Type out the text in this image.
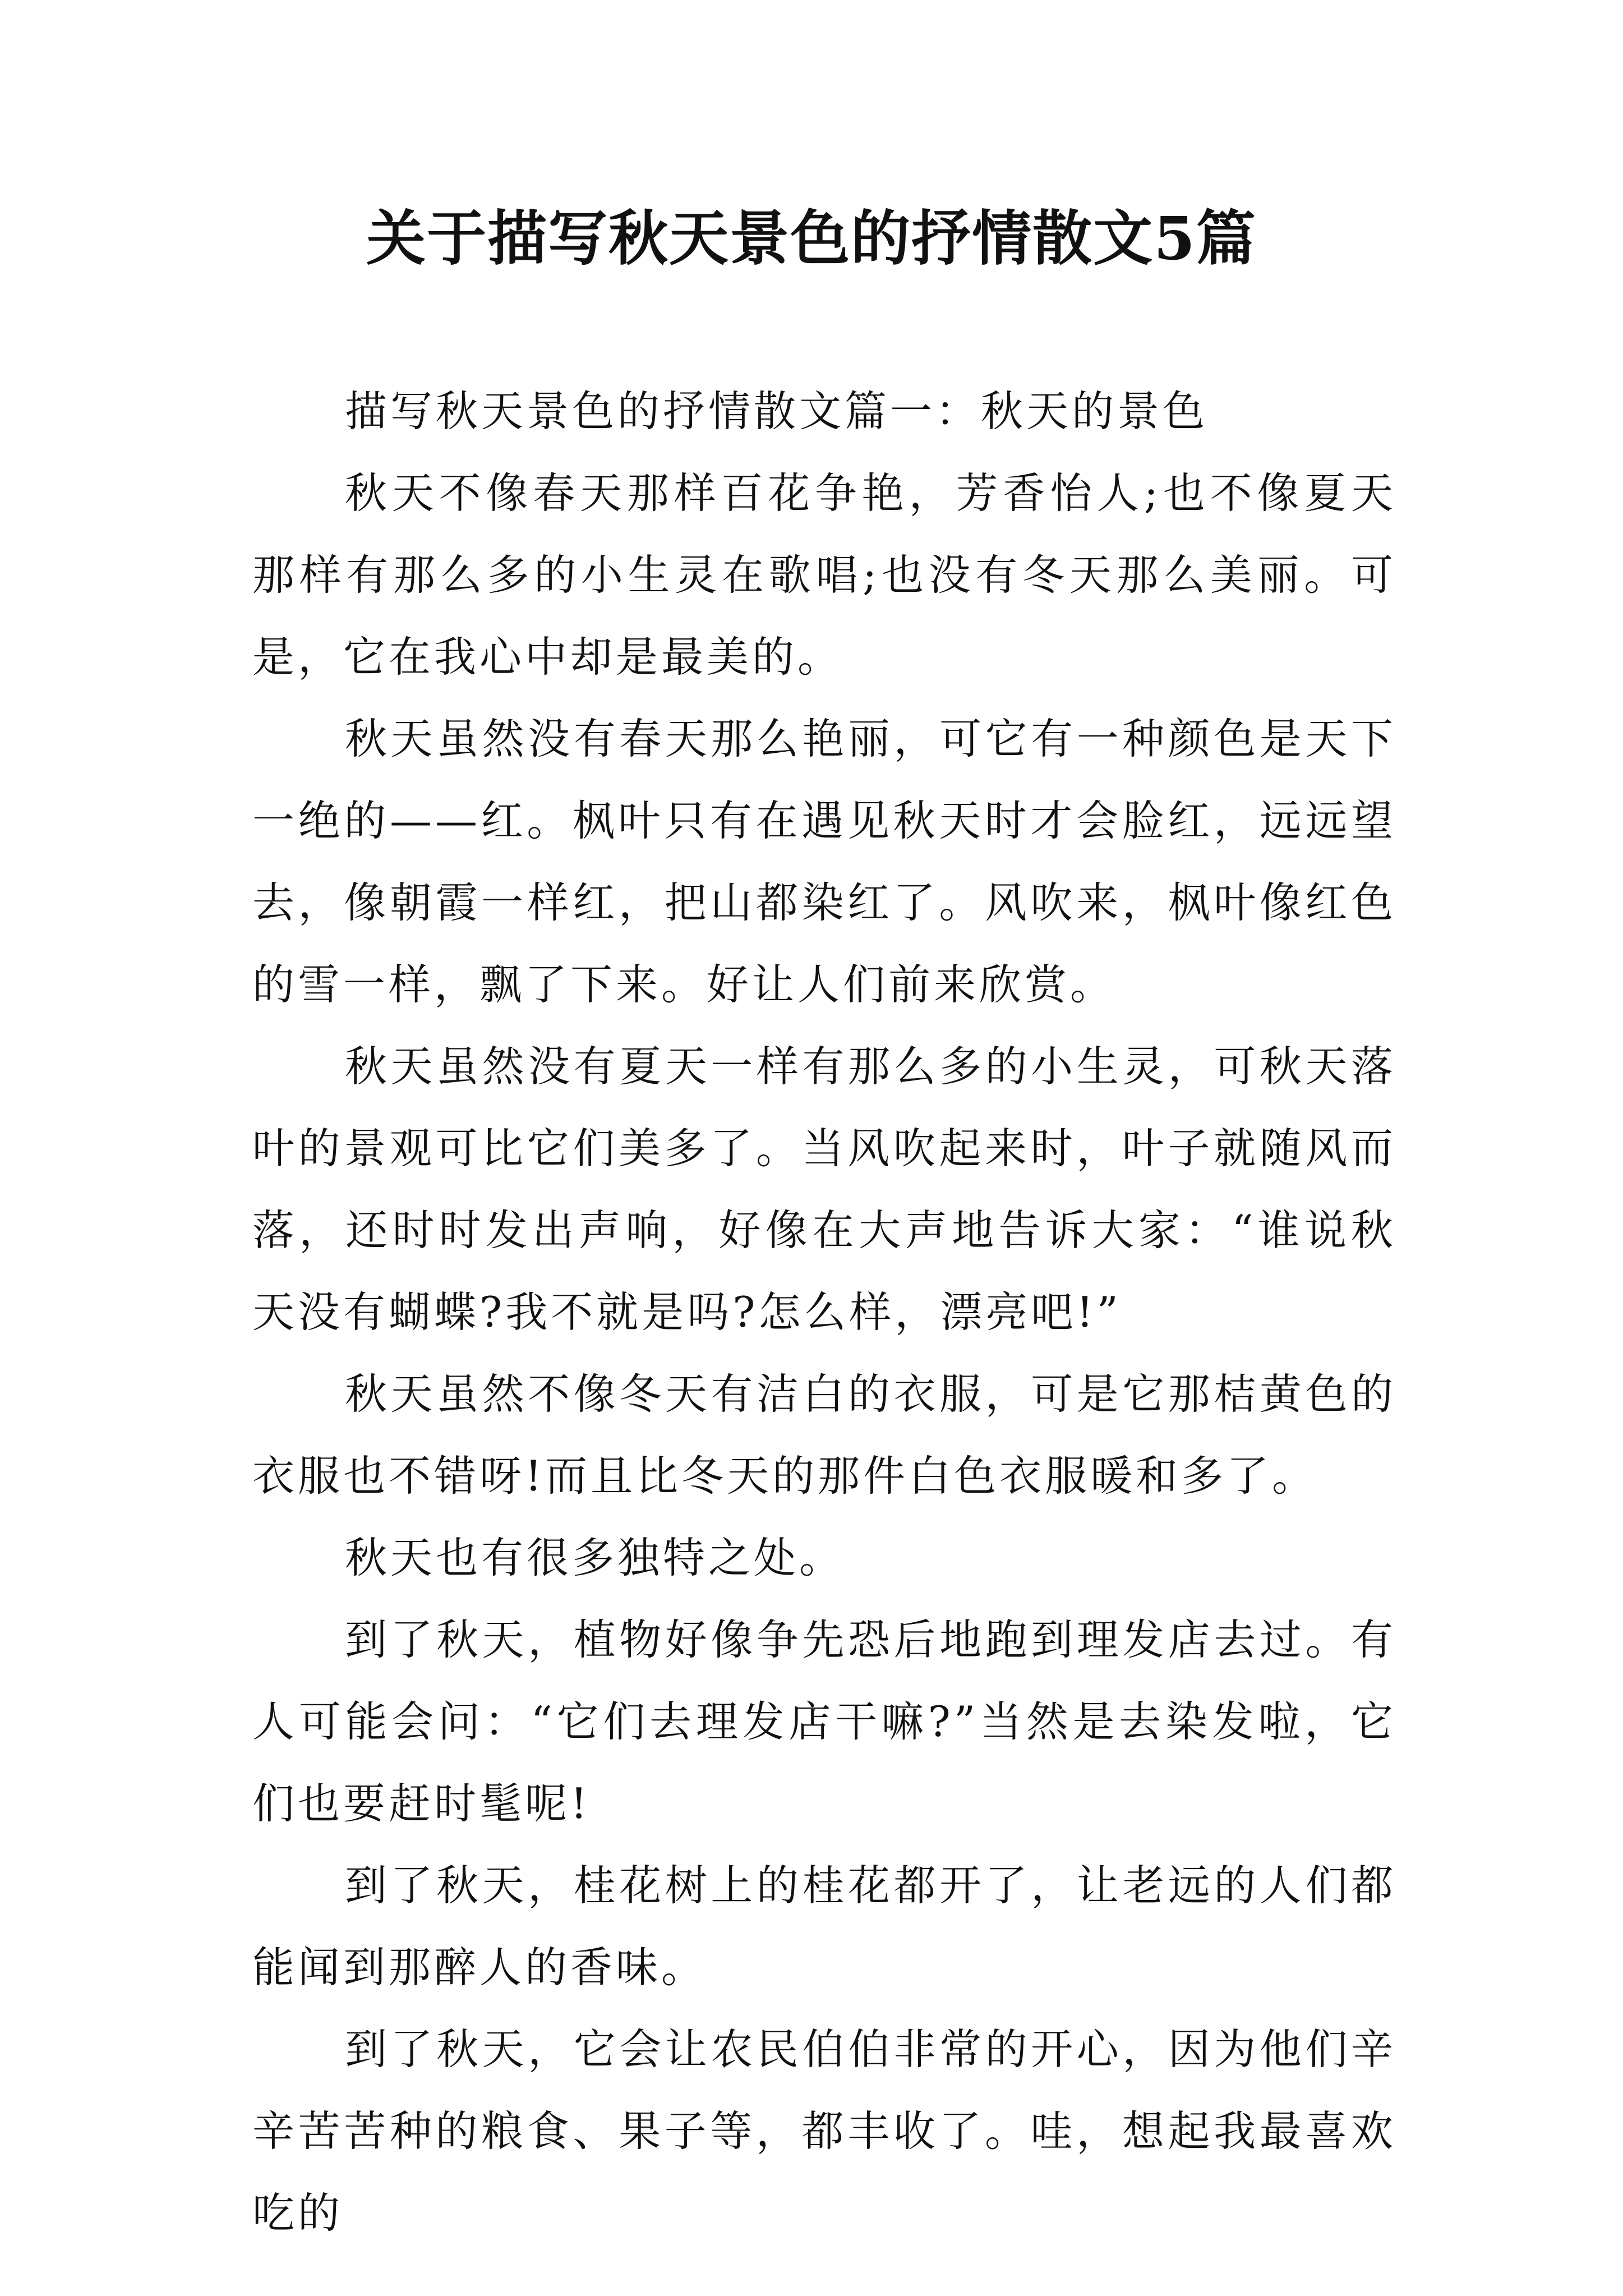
关于描写秋天景色的抒情散文5篇

描写秋天景色的抒情散文篇一：秋天的景色

秋天不像春天那样百花争艳，芳香怡人;也不像夏天那样有那么多的小生灵在歌唱;也没有冬天那么美丽。可是，它在我心中却是最美的。

秋天虽然没有春天那么艳丽，可它有一种颜色是天下一绝的——红。枫叶只有在遇见秋天时才会脸红，远远望去，像朝霞一样红，把山都染红了。风吹来，枫叶像红色的雪一样，飘了下来。好让人们前来欣赏。

秋天虽然没有夏天一样有那么多的小生灵，可秋天落叶的景观可比它们美多了。当风吹起来时，叶子就随风而落，还时时发出声响，好像在大声地告诉大家：“谁说秋天没有蝴蝶?我不就是吗?怎么样，漂亮吧!”

秋天虽然不像冬天有洁白的衣服，可是它那桔黄色的衣服也不错呀!而且比冬天的那件白色衣服暖和多了。

秋天也有很多独特之处。

到了秋天，植物好像争先恐后地跑到理发店去过。有人可能会问：“它们去理发店干嘛?”当然是去染发啦，它们也要赶时髦呢!

到了秋天，桂花树上的桂花都开了，让老远的人们都能闻到那醉人的香味。

到了秋天，它会让农民伯伯非常的开心，因为他们辛辛苦苦种的粮食、果子等，都丰收了。哇，想起我最喜欢吃的
